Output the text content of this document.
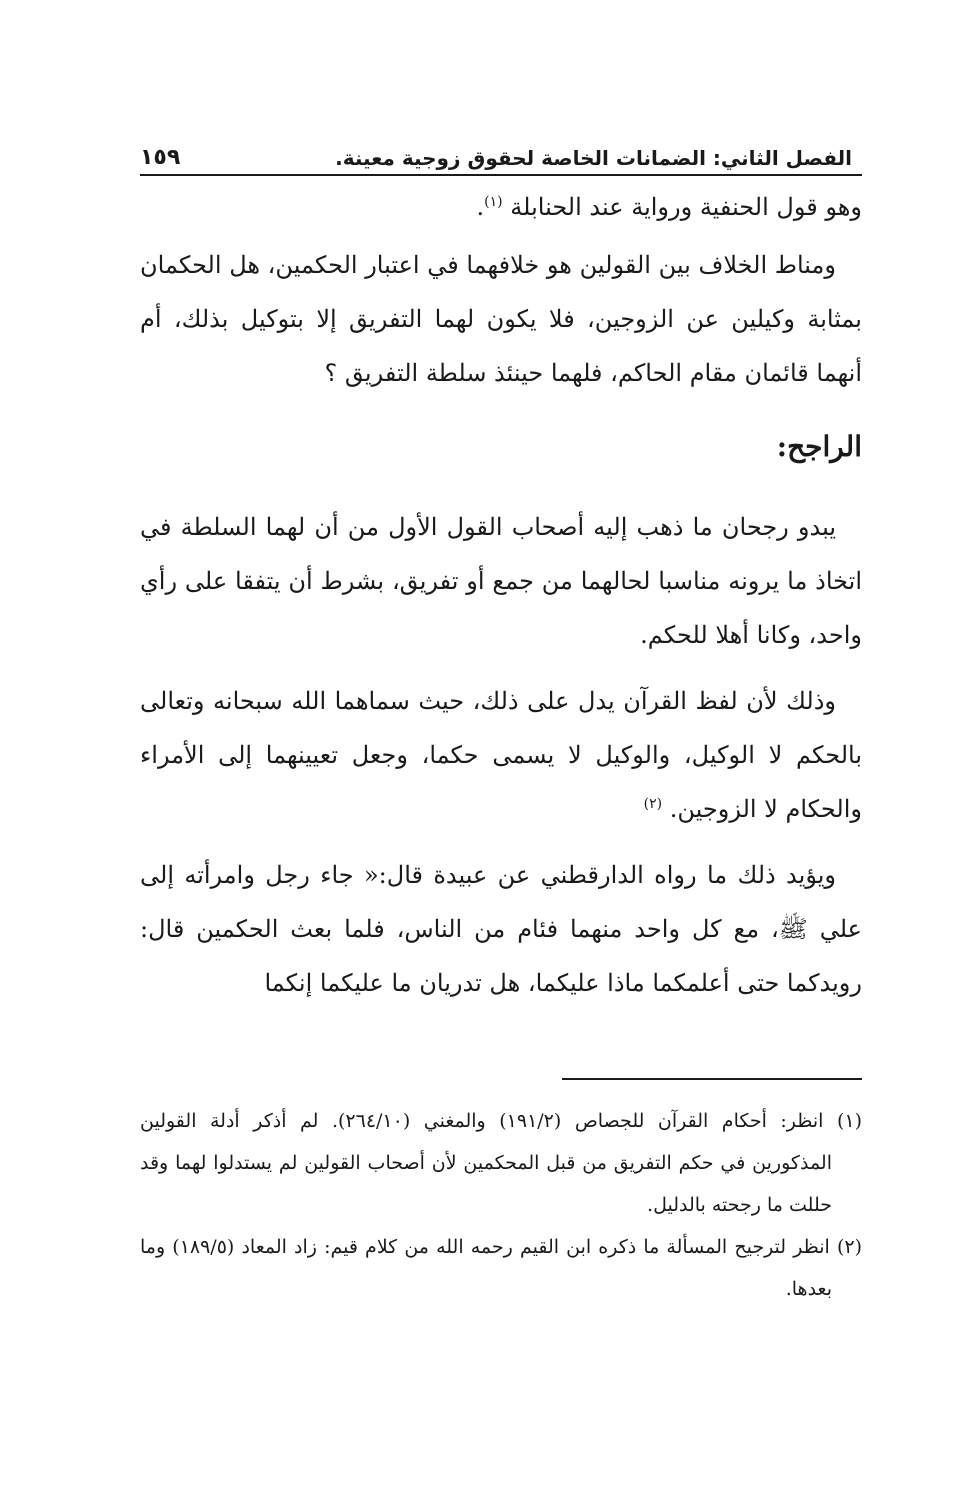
الفصل الثاني: الضمانات الخاصة لحقوق زوجية معينة.
١٥٩

وهو قول الحنفية ورواية عند الحنابلة $^{(١)}$.

ومناط الخلاف بين القولين هو خلافهما في اعتبار الحكمين، هل الحكمان بمثابة وكيلين عن الزوجين، فلا يكون لهما التفريق إلا بتوكيل بذلك، أم أنهما قائمان مقام الحاكم، فلهما حينئذ سلطة التفريق ؟

الراجح:

يبدو رجحان ما ذهب إليه أصحاب القول الأول من أن لهما السلطة في اتخاذ ما يرونه مناسبا لحالهما من جمع أو تفريق، بشرط أن يتفقا على رأي واحد، وكانا أهلا للحكم.

وذلك لأن لفظ القرآن يدل على ذلك، حيث سماهما الله سبحانه وتعالى بالحكم لا الوكيل، والوكيل لا يسمى حكما، وجعل تعيينهما إلى الأمراء والحكام لا الزوجين. $^{(٢)}$

ويؤيد ذلك ما رواه الدارقطني عن عبيدة قال:« جاء رجل وامرأته إلى علي ﷺ، مع كل واحد منهما فئام من الناس، فلما بعث الحكمين قال: رويدكما حتى أعلمكما ماذا عليكما، هل تدريان ما عليكما إنكما

(١) انظر: أحكام القرآن للجصاص (١٩١/٢) والمغني (٢٦٤/١٠). لم أذكر أدلة القولين المذكورين في حكم التفريق من قبل المحكمين لأن أصحاب القولين لم يستدلوا لهما وقد حللت ما رجحته بالدليل.

(٢) انظر لترجيح المسألة ما ذكره ابن القيم رحمه الله من كلام قيم: زاد المعاد (١٨٩/٥) وما بعدها.
